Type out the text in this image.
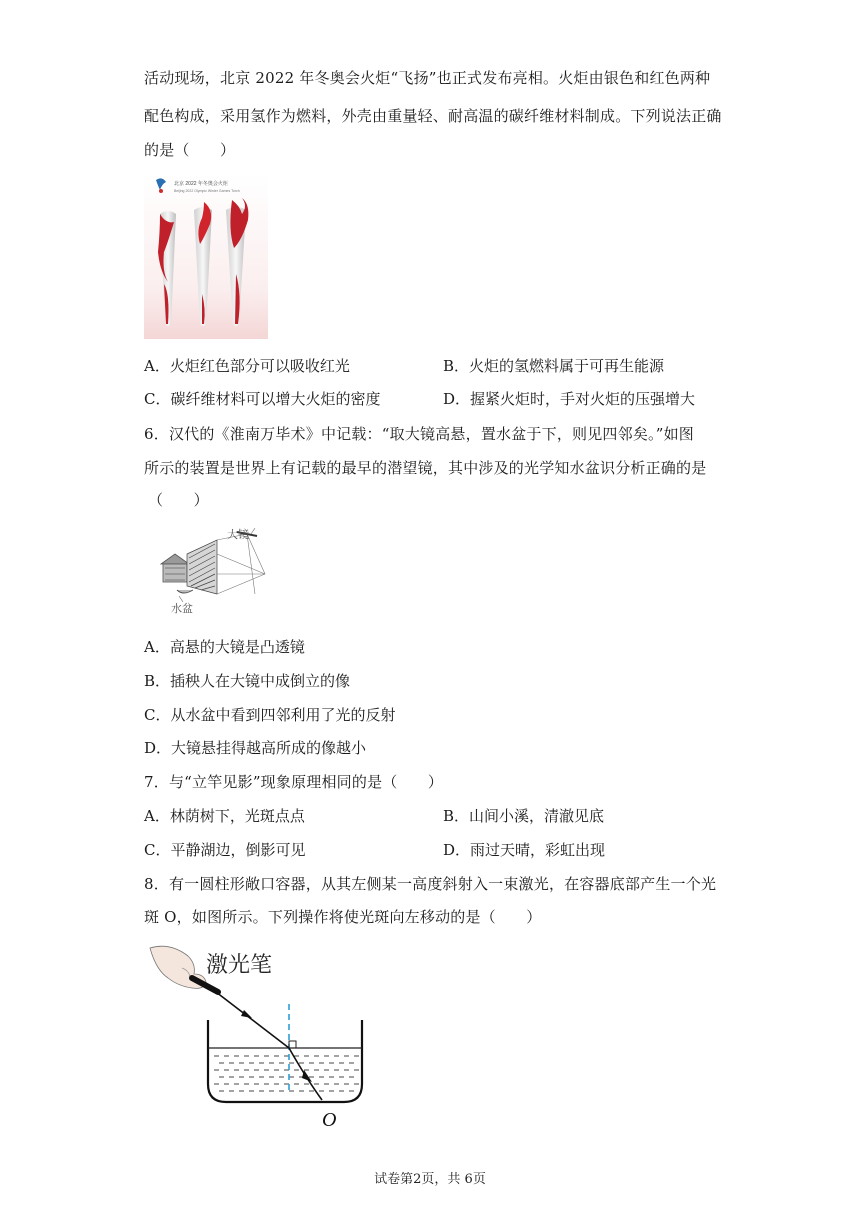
活动现场，北京 2022 年冬奥会火炬“飞扬”也正式发布亮相。火炬由银色和红色两种
配色构成，采用氢作为燃料，外壳由重量轻、耐高温的碳纤维材料制成。下列说法正确
的是（　　）
北京 2022 年冬奥会火炬
Beijing 2022 Olympic Winter Games Torch
A．火炬红色部分可以吸收红光	B．火炬的氢燃料属于可再生能源
C．碳纤维材料可以增大火炬的密度	D．握紧火炬时，手对火炬的压强增大
6．汉代的《淮南万毕术》中记载：“取大镜高悬，置水盆于下，则见四邻矣。”如图
所示的装置是世界上有记载的最早的潜望镜，其中涉及的光学知水盆识分析正确的是
（　　）
大镜
水盆
A．高悬的大镜是凸透镜
B．插秧人在大镜中成倒立的像
C．从水盆中看到四邻利用了光的反射
D．大镜悬挂得越高所成的像越小
7．与“立竿见影”现象原理相同的是（　　）
A．林荫树下，光斑点点	B．山间小溪，清澈见底
C．平静湖边，倒影可见	D．雨过天晴，彩虹出现
8．有一圆柱形敞口容器，从其左侧某一高度斜射入一束激光，在容器底部产生一个光
斑 O，如图所示。下列操作将使光斑向左移动的是（　　）
激光笔
O
试卷第2页，共 6页
